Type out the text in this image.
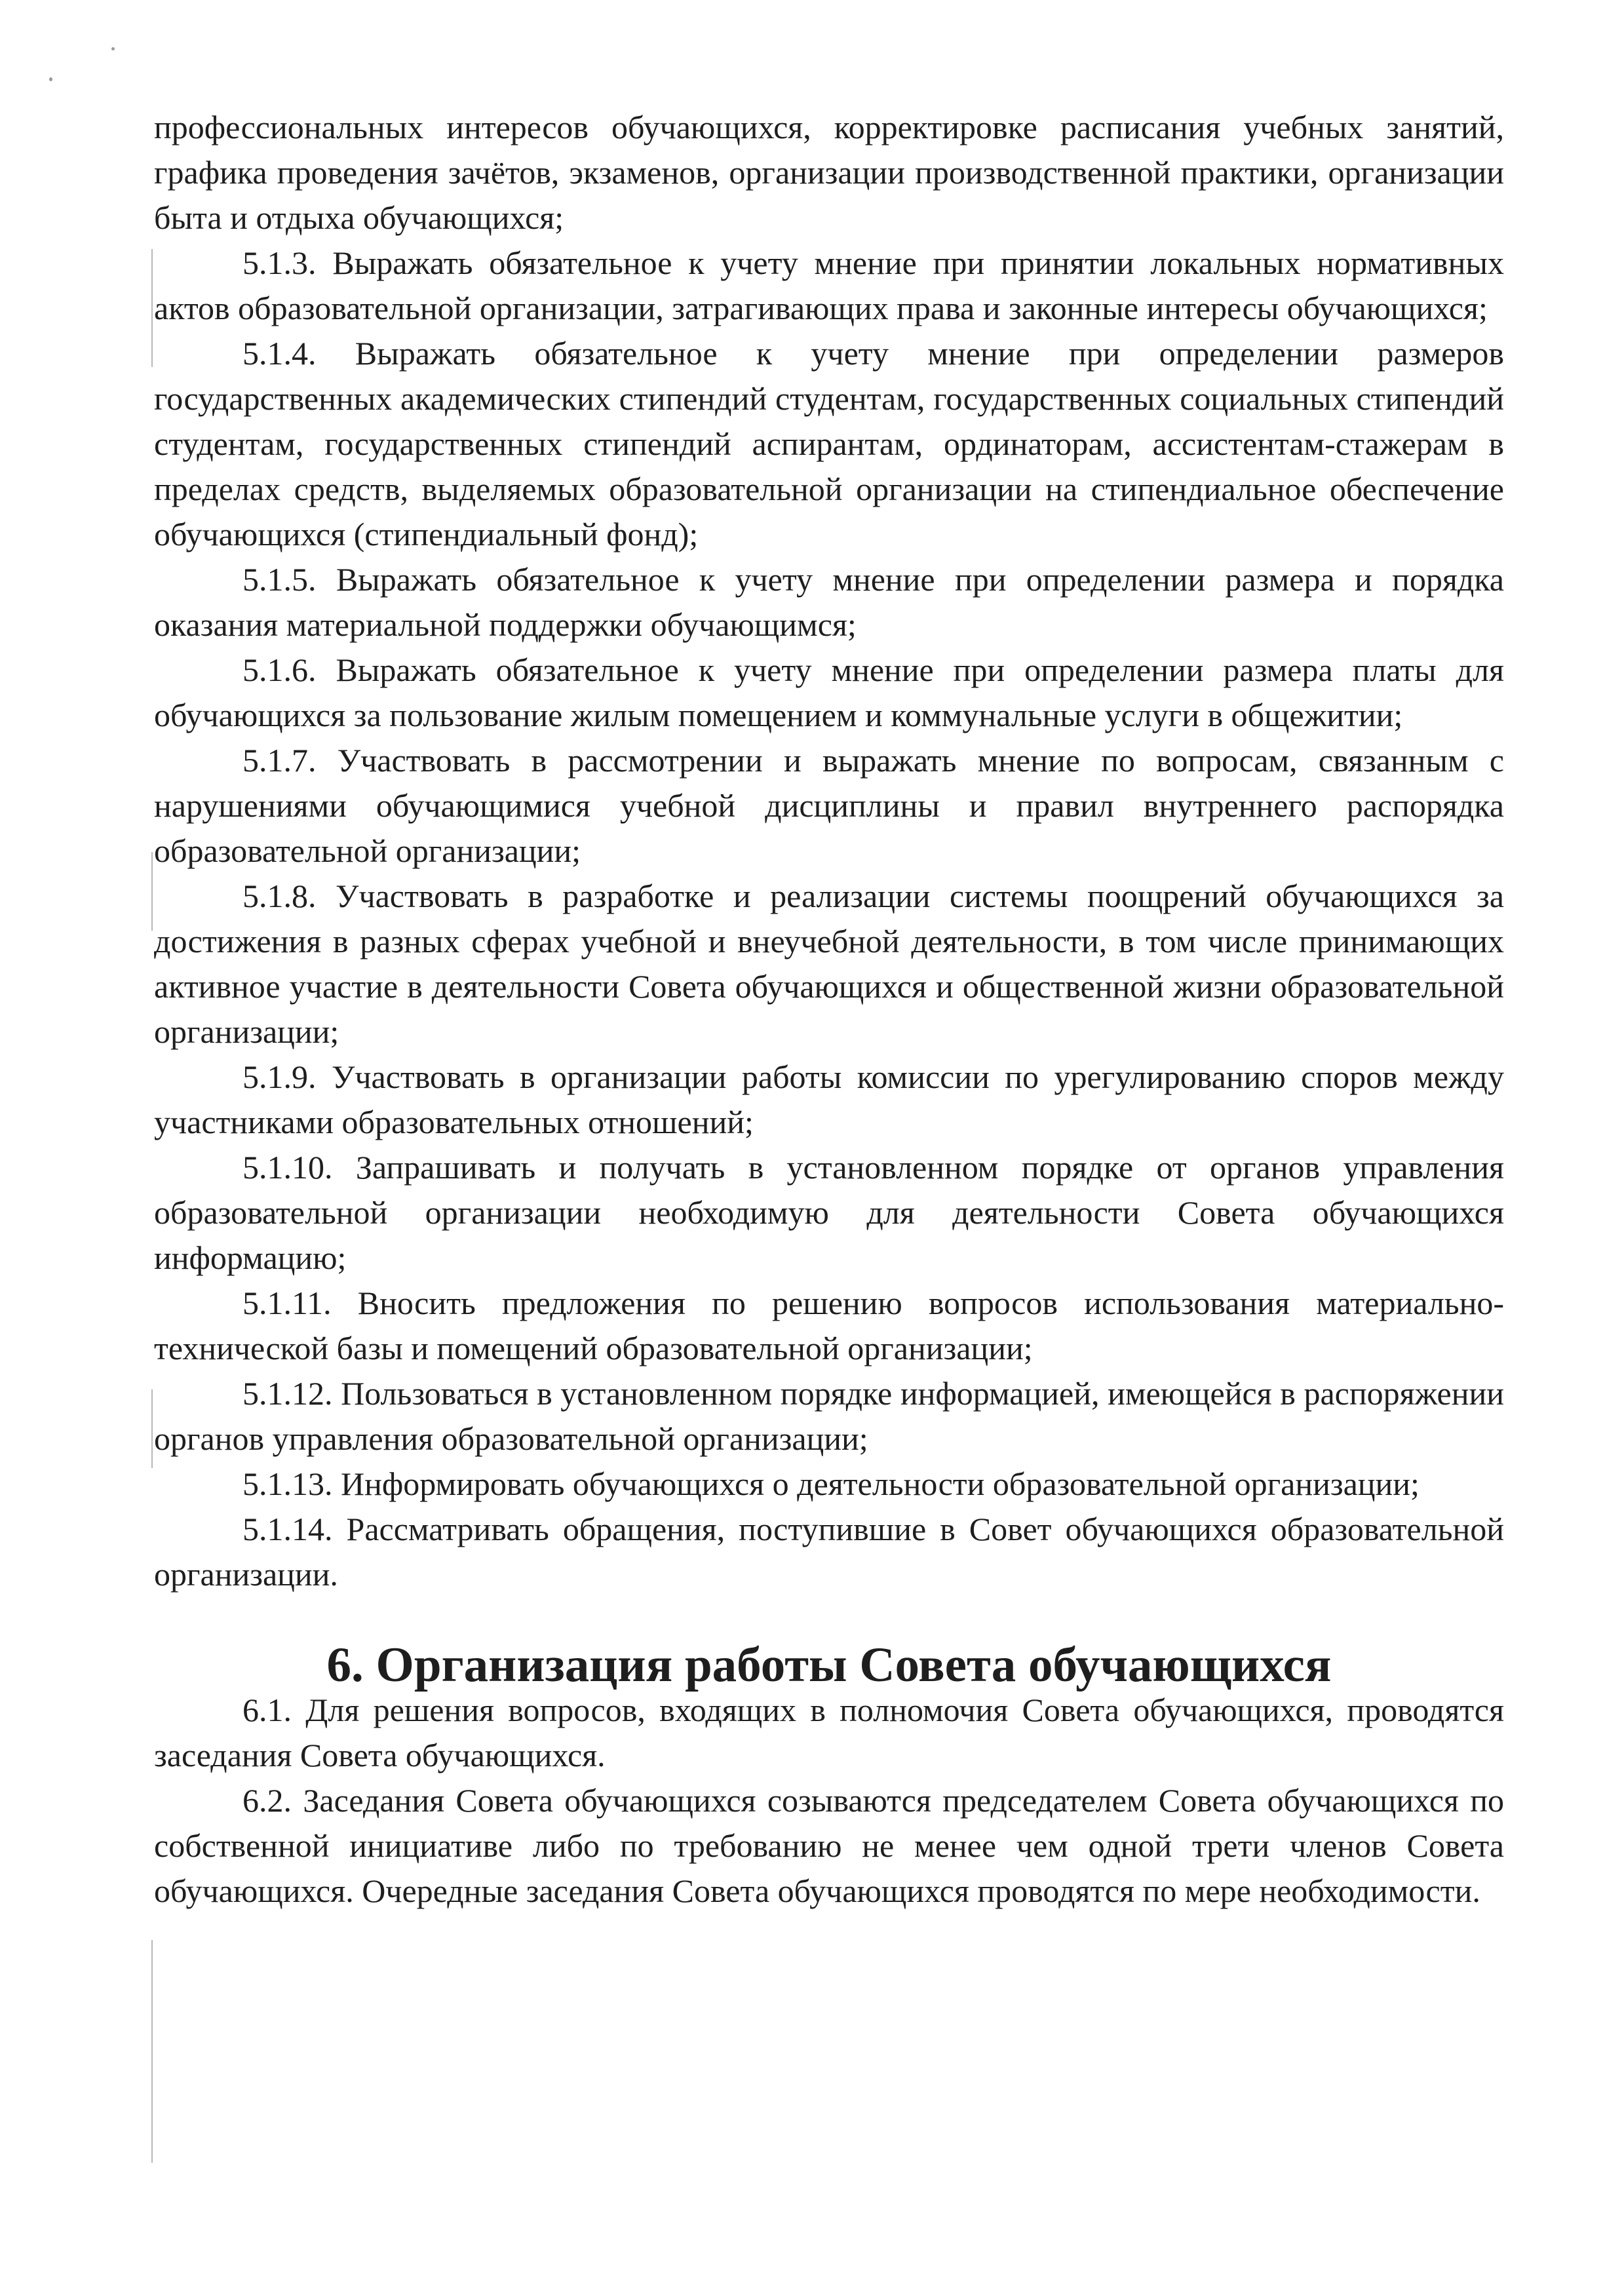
профессиональных интересов обучающихся, корректировке расписания учебных занятий, графика проведения зачётов, экзаменов, организации производственной практики, организации быта и отдыха обучающихся;

5.1.3. Выражать обязательное к учету мнение при принятии локальных нормативных актов образовательной организации, затрагивающих права и законные интересы обучающихся;

5.1.4. Выражать обязательное к учету мнение при определении размеров государственных академических стипендий студентам, государственных социальных стипендий студентам, государственных стипендий аспирантам, ординаторам, ассистентам-стажерам в пределах средств, выделяемых образовательной организации на стипендиальное обеспечение обучающихся (стипендиальный фонд);

5.1.5. Выражать обязательное к учету мнение при определении размера и порядка оказания материальной поддержки обучающимся;

5.1.6. Выражать обязательное к учету мнение при определении размера платы для обучающихся за пользование жилым помещением и коммунальные услуги в общежитии;

5.1.7. Участвовать в рассмотрении и выражать мнение по вопросам, связанным с нарушениями обучающимися учебной дисциплины и правил внутреннего распорядка образовательной организации;

5.1.8. Участвовать в разработке и реализации системы поощрений обучающихся за достижения в разных сферах учебной и внеучебной деятельности, в том числе принимающих активное участие в деятельности Совета обучающихся и общественной жизни образовательной организации;

5.1.9. Участвовать в организации работы комиссии по урегулированию споров между участниками образовательных отношений;

5.1.10. Запрашивать и получать в установленном порядке от органов управления образовательной организации необходимую для деятельности Совета обучающихся информацию;

5.1.11. Вносить предложения по решению вопросов использования материально-технической базы и помещений образовательной организации;

5.1.12. Пользоваться в установленном порядке информацией, имеющейся в распоряжении органов управления образовательной организации;

5.1.13. Информировать обучающихся о деятельности образовательной организации;

5.1.14. Рассматривать обращения, поступившие в Совет обучающихся образовательной организации.

6. Организация работы Совета обучающихся

6.1. Для решения вопросов, входящих в полномочия Совета обучающихся, проводятся заседания Совета обучающихся.

6.2. Заседания Совета обучающихся созываются председателем Совета обучающихся по собственной инициативе либо по требованию не менее чем одной трети членов Совета обучающихся. Очередные заседания Совета обучающихся проводятся по мере необходимости.
